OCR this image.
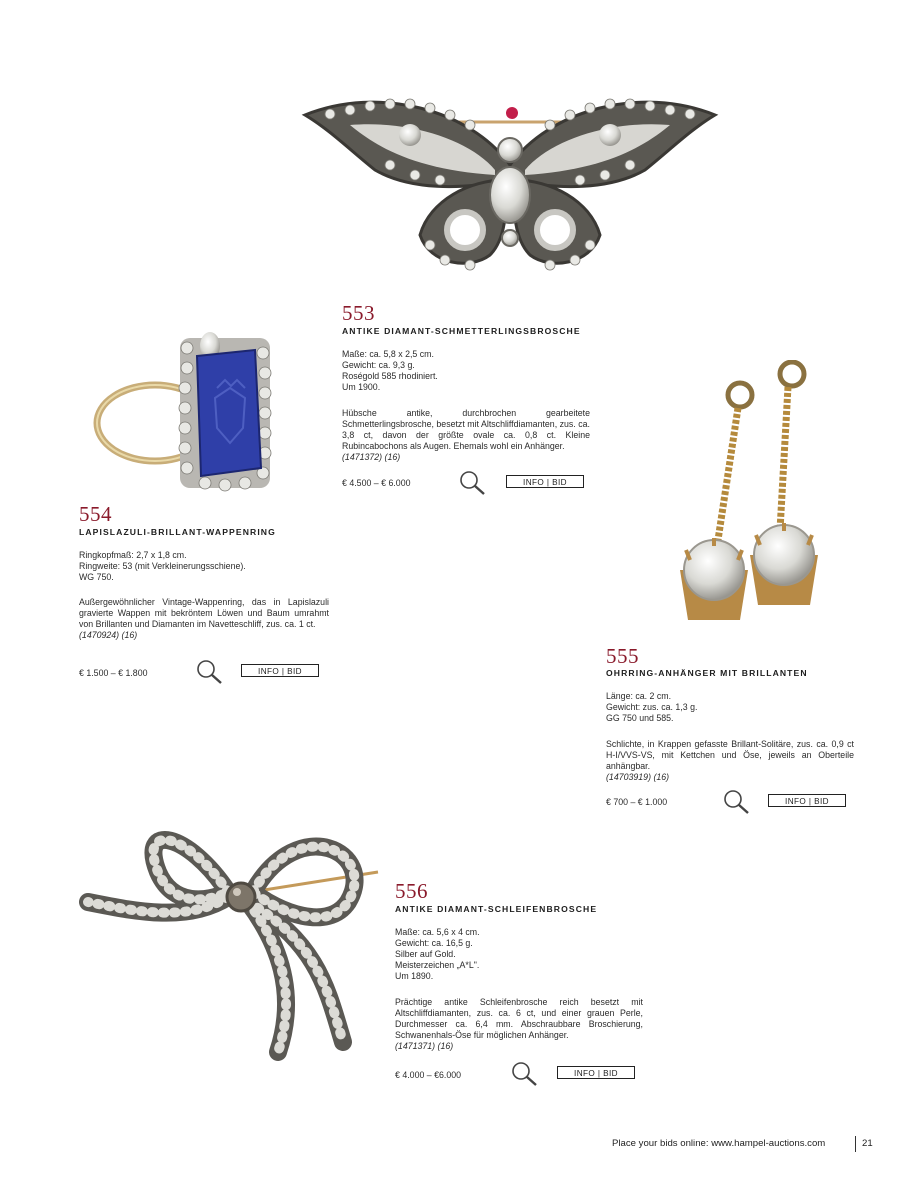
553
ANTIKE DIAMANT-SCHMETTERLINGSBROSCHE
Maße: ca. 5,8 x 2,5 cm.
Gewicht: ca. 9,3 g.
Roségold 585 rhodiniert.
Um 1900.
Hübsche antike, durchbrochen gearbeitete Schmetterlingsbrosche, besetzt mit Altschliffdiamanten, zus. ca. 3,8 ct, davon der größte ovale ca. 0,8 ct. Kleine Rubincabochons als Augen. Ehemals wohl ein Anhänger.
(1471372) (16)
€ 4.500 – € 6.000	INFO | BID
554
LAPISLAZULI-BRILLANT-WAPPENRING
Ringkopfmaß: 2,7 x 1,8 cm.
Ringweite: 53 (mit Verkleinerungsschiene).
WG 750.
Außergewöhnlicher Vintage-Wappenring, das in Lapislazuli gravierte Wappen mit bekröntem Löwen und Baum umrahmt von Brillanten und Diamanten im Navetteschliff, zus. ca. 1 ct.
(1470924) (16)
€ 1.500 – € 1.800	INFO | BID
555
OHRRING-ANHÄNGER MIT BRILLANTEN
Länge: ca. 2 cm.
Gewicht: zus. ca. 1,3 g.
GG 750 und 585.
Schlichte, in Krappen gefasste Brillant-Solitäre, zus. ca. 0,9 ct H-I/VVS-VS, mit Kettchen und Öse, jeweils an Oberteile anhängbar.
(14703919) (16)
€ 700 – € 1.000	INFO | BID
556
ANTIKE DIAMANT-SCHLEIFENBROSCHE
Maße: ca. 5,6 x 4 cm.
Gewicht: ca. 16,5 g.
Silber auf Gold.
Meisterzeichen „A*L".
Um 1890.
Prächtige antike Schleifenbrosche reich besetzt mit Altschliffdiamanten, zus. ca. 6 ct, und einer grauen Perle, Durchmesser ca. 6,4 mm. Abschraubbare Broschierung, Schwanenhals-Öse für möglichen Anhänger.
(1471371) (16)
€ 4.000 – €6.000	INFO | BID
Place your bids online: www.hampel-auctions.com	21
